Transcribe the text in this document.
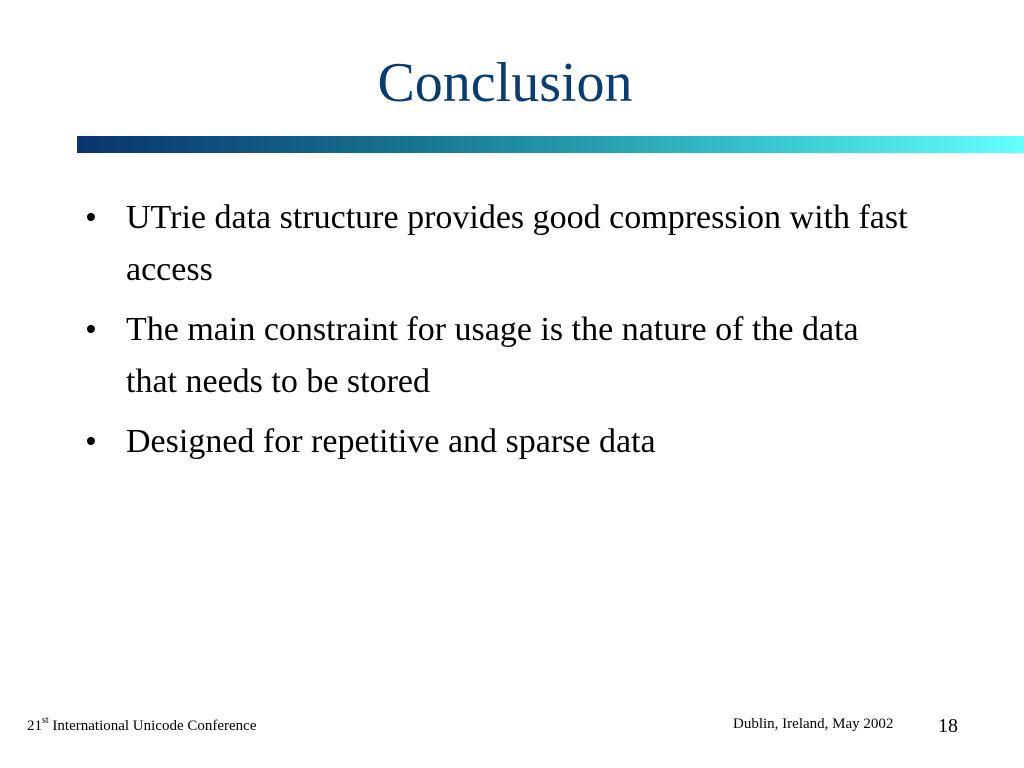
Conclusion
• UTrie data structure provides good compression with fast access
• The main constraint for usage is the nature of the data that needs to be stored
• Designed for repetitive and sparse data
21st International Unicode Conference	Dublin, Ireland, May 2002 18
